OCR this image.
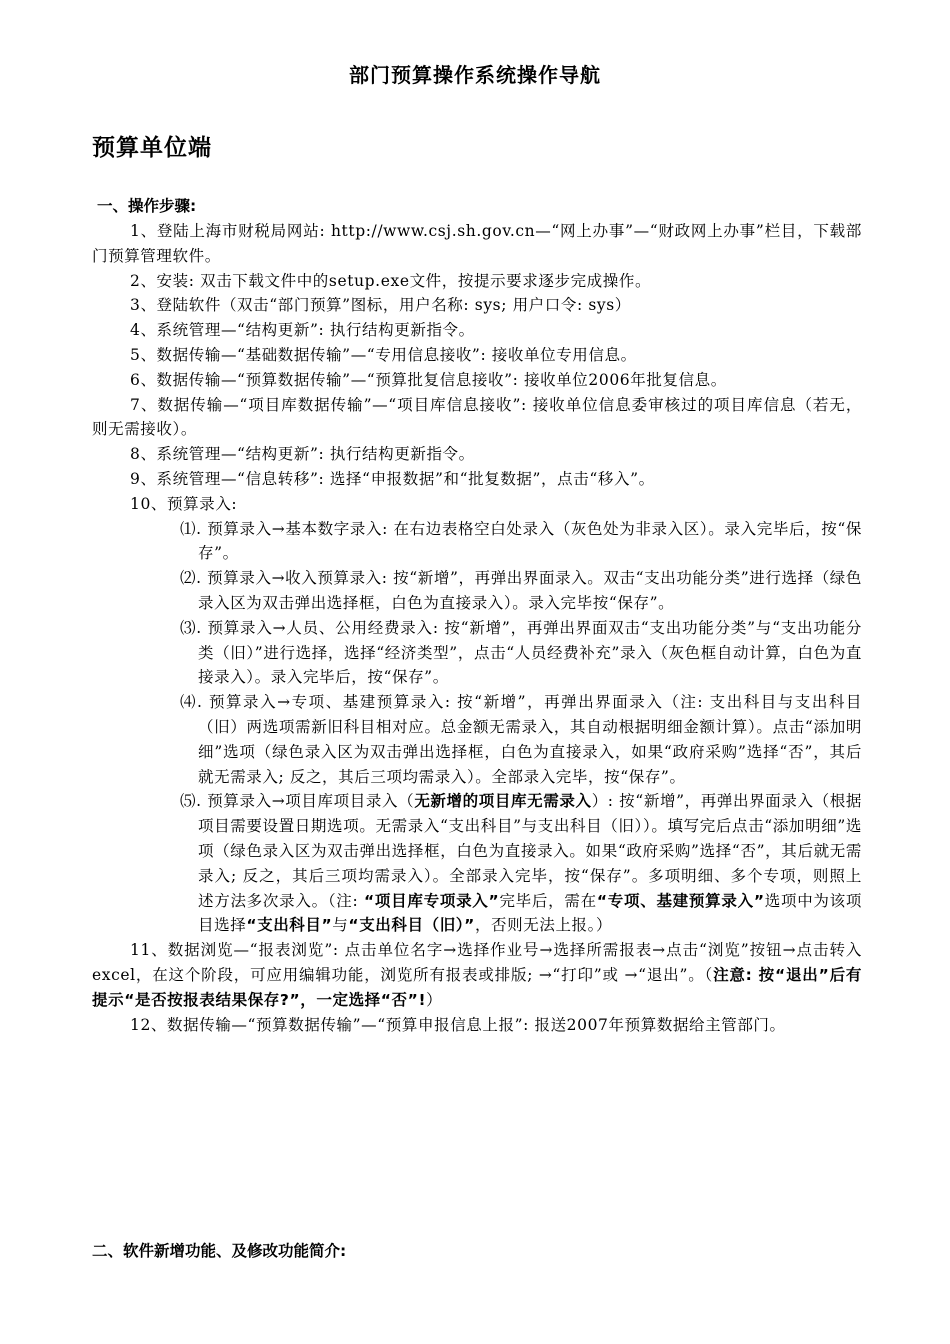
部门预算操作系统操作导航
预算单位端
一、操作步骤:

1、登陆上海市财税局网站: http://www.csj.sh.gov.cn—“网上办事”—“财政网上办事”栏目，下载部门预算管理软件。

2、安装: 双击下载文件中的setup.exe文件，按提示要求逐步完成操作。

3、登陆软件（双击“部门预算”图标，用户名称: sys; 用户口令: sys）

4、系统管理—“结构更新”: 执行结构更新指令。

5、数据传输—“基础数据传输”—“专用信息接收”: 接收单位专用信息。

6、数据传输—“预算数据传输”—“预算批复信息接收”: 接收单位2006年批复信息。

7、数据传输—“项目库数据传输”—“项目库信息接收”: 接收单位信息委审核过的项目库信息（若无，则无需接收）。

8、系统管理—“结构更新”: 执行结构更新指令。

9、系统管理—“信息转移”: 选择“申报数据”和“批复数据”，点击“移入”。

10、预算录入:

⑴. 预算录入→基本数字录入: 在右边表格空白处录入（灰色处为非录入区）。录入完毕后，按“保存”。

⑵. 预算录入→收入预算录入: 按“新增”，再弹出界面录入。双击“支出功能分类”进行选择（绿色录入区为双击弹出选择框，白色为直接录入）。录入完毕按“保存”。

⑶. 预算录入→人员、公用经费录入: 按“新增”，再弹出界面双击“支出功能分类”与“支出功能分类（旧）”进行选择，选择“经济类型”，点击“人员经费补充”录入（灰色框自动计算，白色为直接录入）。录入完毕后，按“保存”。

⑷. 预算录入→专项、基建预算录入: 按“新增”，再弹出界面录入（注: 支出科目与支出科目（旧）两选项需新旧科目相对应。总金额无需录入，其自动根据明细金额计算）。点击“添加明细”选项（绿色录入区为双击弹出选择框，白色为直接录入，如果“政府采购”选择“否”，其后就无需录入; 反之，其后三项均需录入）。全部录入完毕，按“保存”。

⑸. 预算录入→项目库项目录入（无新增的项目库无需录入）: 按“新增”，再弹出界面录入（根据项目需要设置日期选项。无需录入“支出科目”与支出科目（旧））。填写完后点击“添加明细”选项（绿色录入区为双击弹出选择框，白色为直接录入。如果“政府采购”选择“否”，其后就无需录入; 反之，其后三项均需录入）。全部录入完毕，按“保存”。多项明细、多个专项，则照上述方法多次录入。（注: “项目库专项录入”完毕后，需在“专项、基建预算录入”选项中为该项目选择“支出科目”与“支出科目（旧）”，否则无法上报。）

11、数据浏览—“报表浏览”: 点击单位名字→选择作业号→选择所需报表→点击“浏览”按钮→点击转入excel，在这个阶段，可应用编辑功能，浏览所有报表或排版; →“打印”或 →“退出”。（注意: 按“退出”后有提示“是否按报表结果保存?”，一定选择“否”!）

12、数据传输—“预算数据传输”—“预算申报信息上报”: 报送2007年预算数据给主管部门。

二、软件新增功能、及修改功能简介:
